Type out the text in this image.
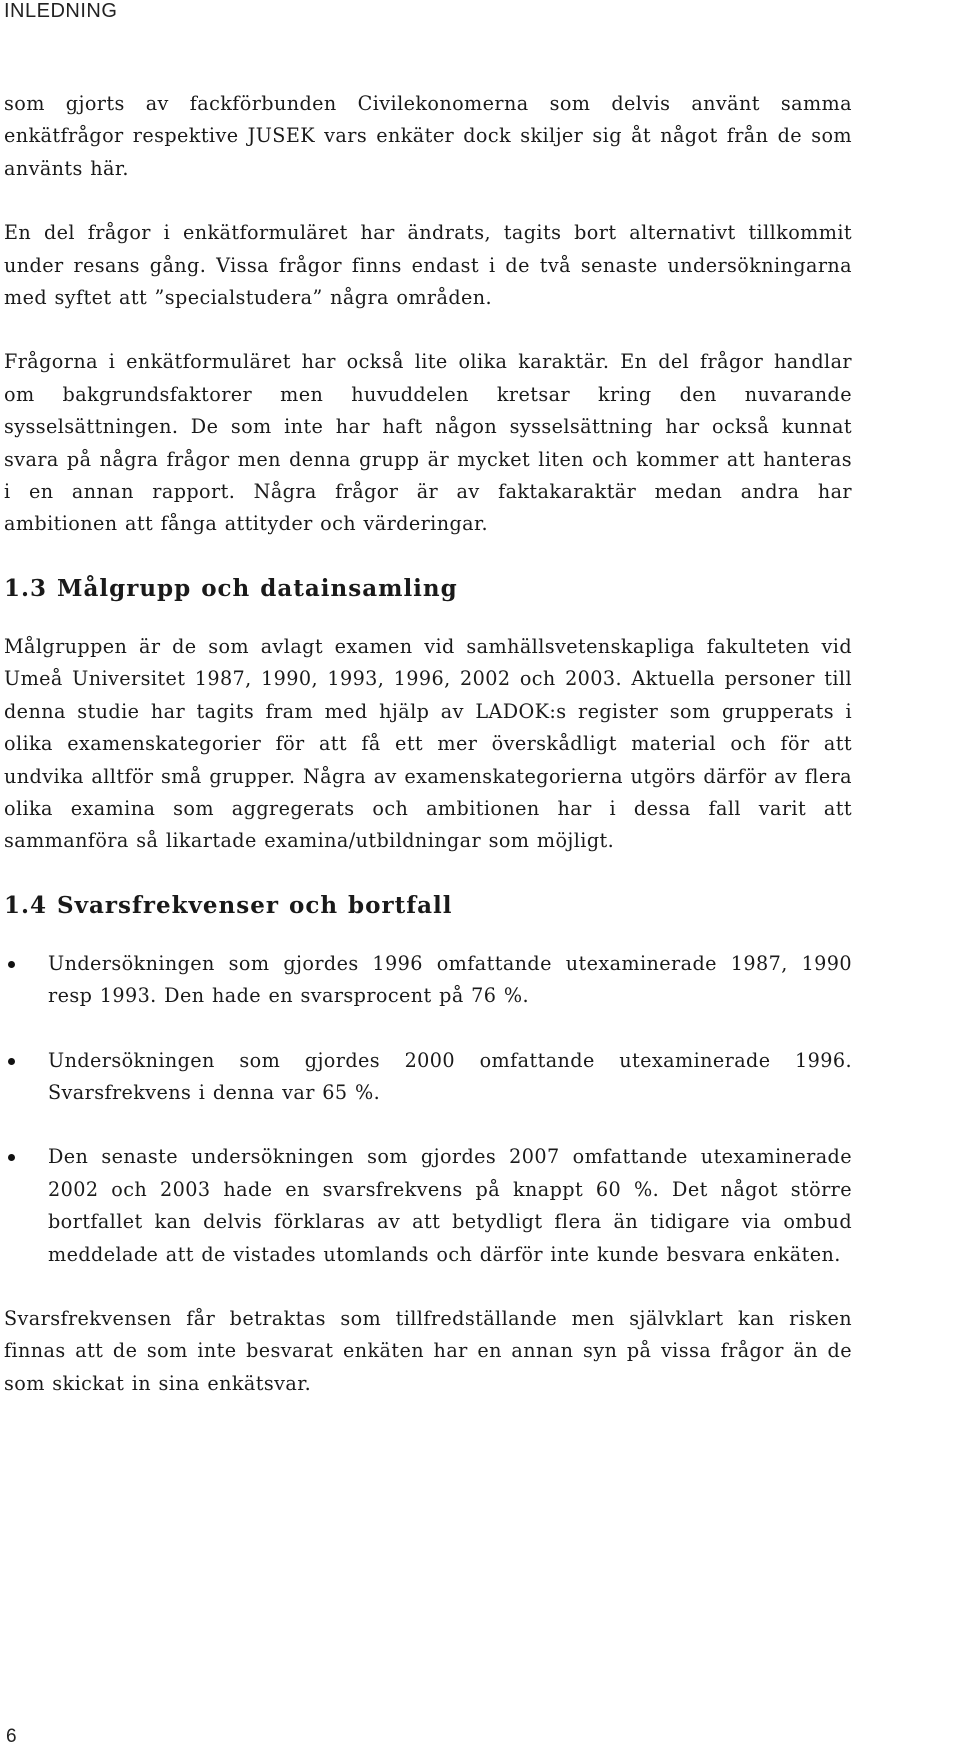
INLEDNING

som gjorts av fackförbunden Civilekonomerna som delvis använt samma enkätfrågor respektive JUSEK vars enkäter dock skiljer sig åt något från de som använts här.

En del frågor i enkätformuläret har ändrats, tagits bort alternativt tillkommit under resans gång. Vissa frågor finns endast i de två senaste undersökningarna med syftet att ”specialstudera” några områden.

Frågorna i enkätformuläret har också lite olika karaktär. En del frågor handlar om bakgrundsfaktorer men huvuddelen kretsar kring den nuvarande sysselsättningen. De som inte har haft någon sysselsättning har också kunnat svara på några frågor men denna grupp är mycket liten och kommer att hanteras i en annan rapport. Några frågor är av faktakaraktär medan andra har ambitionen att fånga attityder och värderingar.

1.3 Målgrupp och datainsamling

Målgruppen är de som avlagt examen vid samhällsvetenskapliga fakulteten vid Umeå Universitet 1987, 1990, 1993, 1996, 2002 och 2003. Aktuella personer till denna studie har tagits fram med hjälp av LADOK:s register som grupperats i olika examenskategorier för att få ett mer överskådligt material och för att undvika alltför små grupper. Några av examenskategorierna utgörs därför av flera olika examina som aggregerats och ambitionen har i dessa fall varit att sammanföra så likartade examina/utbildningar som möjligt.

1.4 Svarsfrekvenser och bortfall
Undersökningen som gjordes 1996 omfattande utexaminerade 1987, 1990 resp 1993. Den hade en svarsprocent på 76 %.
Undersökningen som gjordes 2000 omfattande utexaminerade 1996. Svarsfrekvens i denna var 65 %.
Den senaste undersökningen som gjordes 2007 omfattande utexaminerade 2002 och 2003 hade en svarsfrekvens på knappt 60 %. Det något större bortfallet kan delvis förklaras av att betydligt flera än tidigare via ombud meddelade att de vistades utomlands och därför inte kunde besvara enkäten.

Svarsfrekvensen får betraktas som tillfredställande men självklart kan risken finnas att de som inte besvarat enkäten har en annan syn på vissa frågor än de som skickat in sina enkätsvar.

6
